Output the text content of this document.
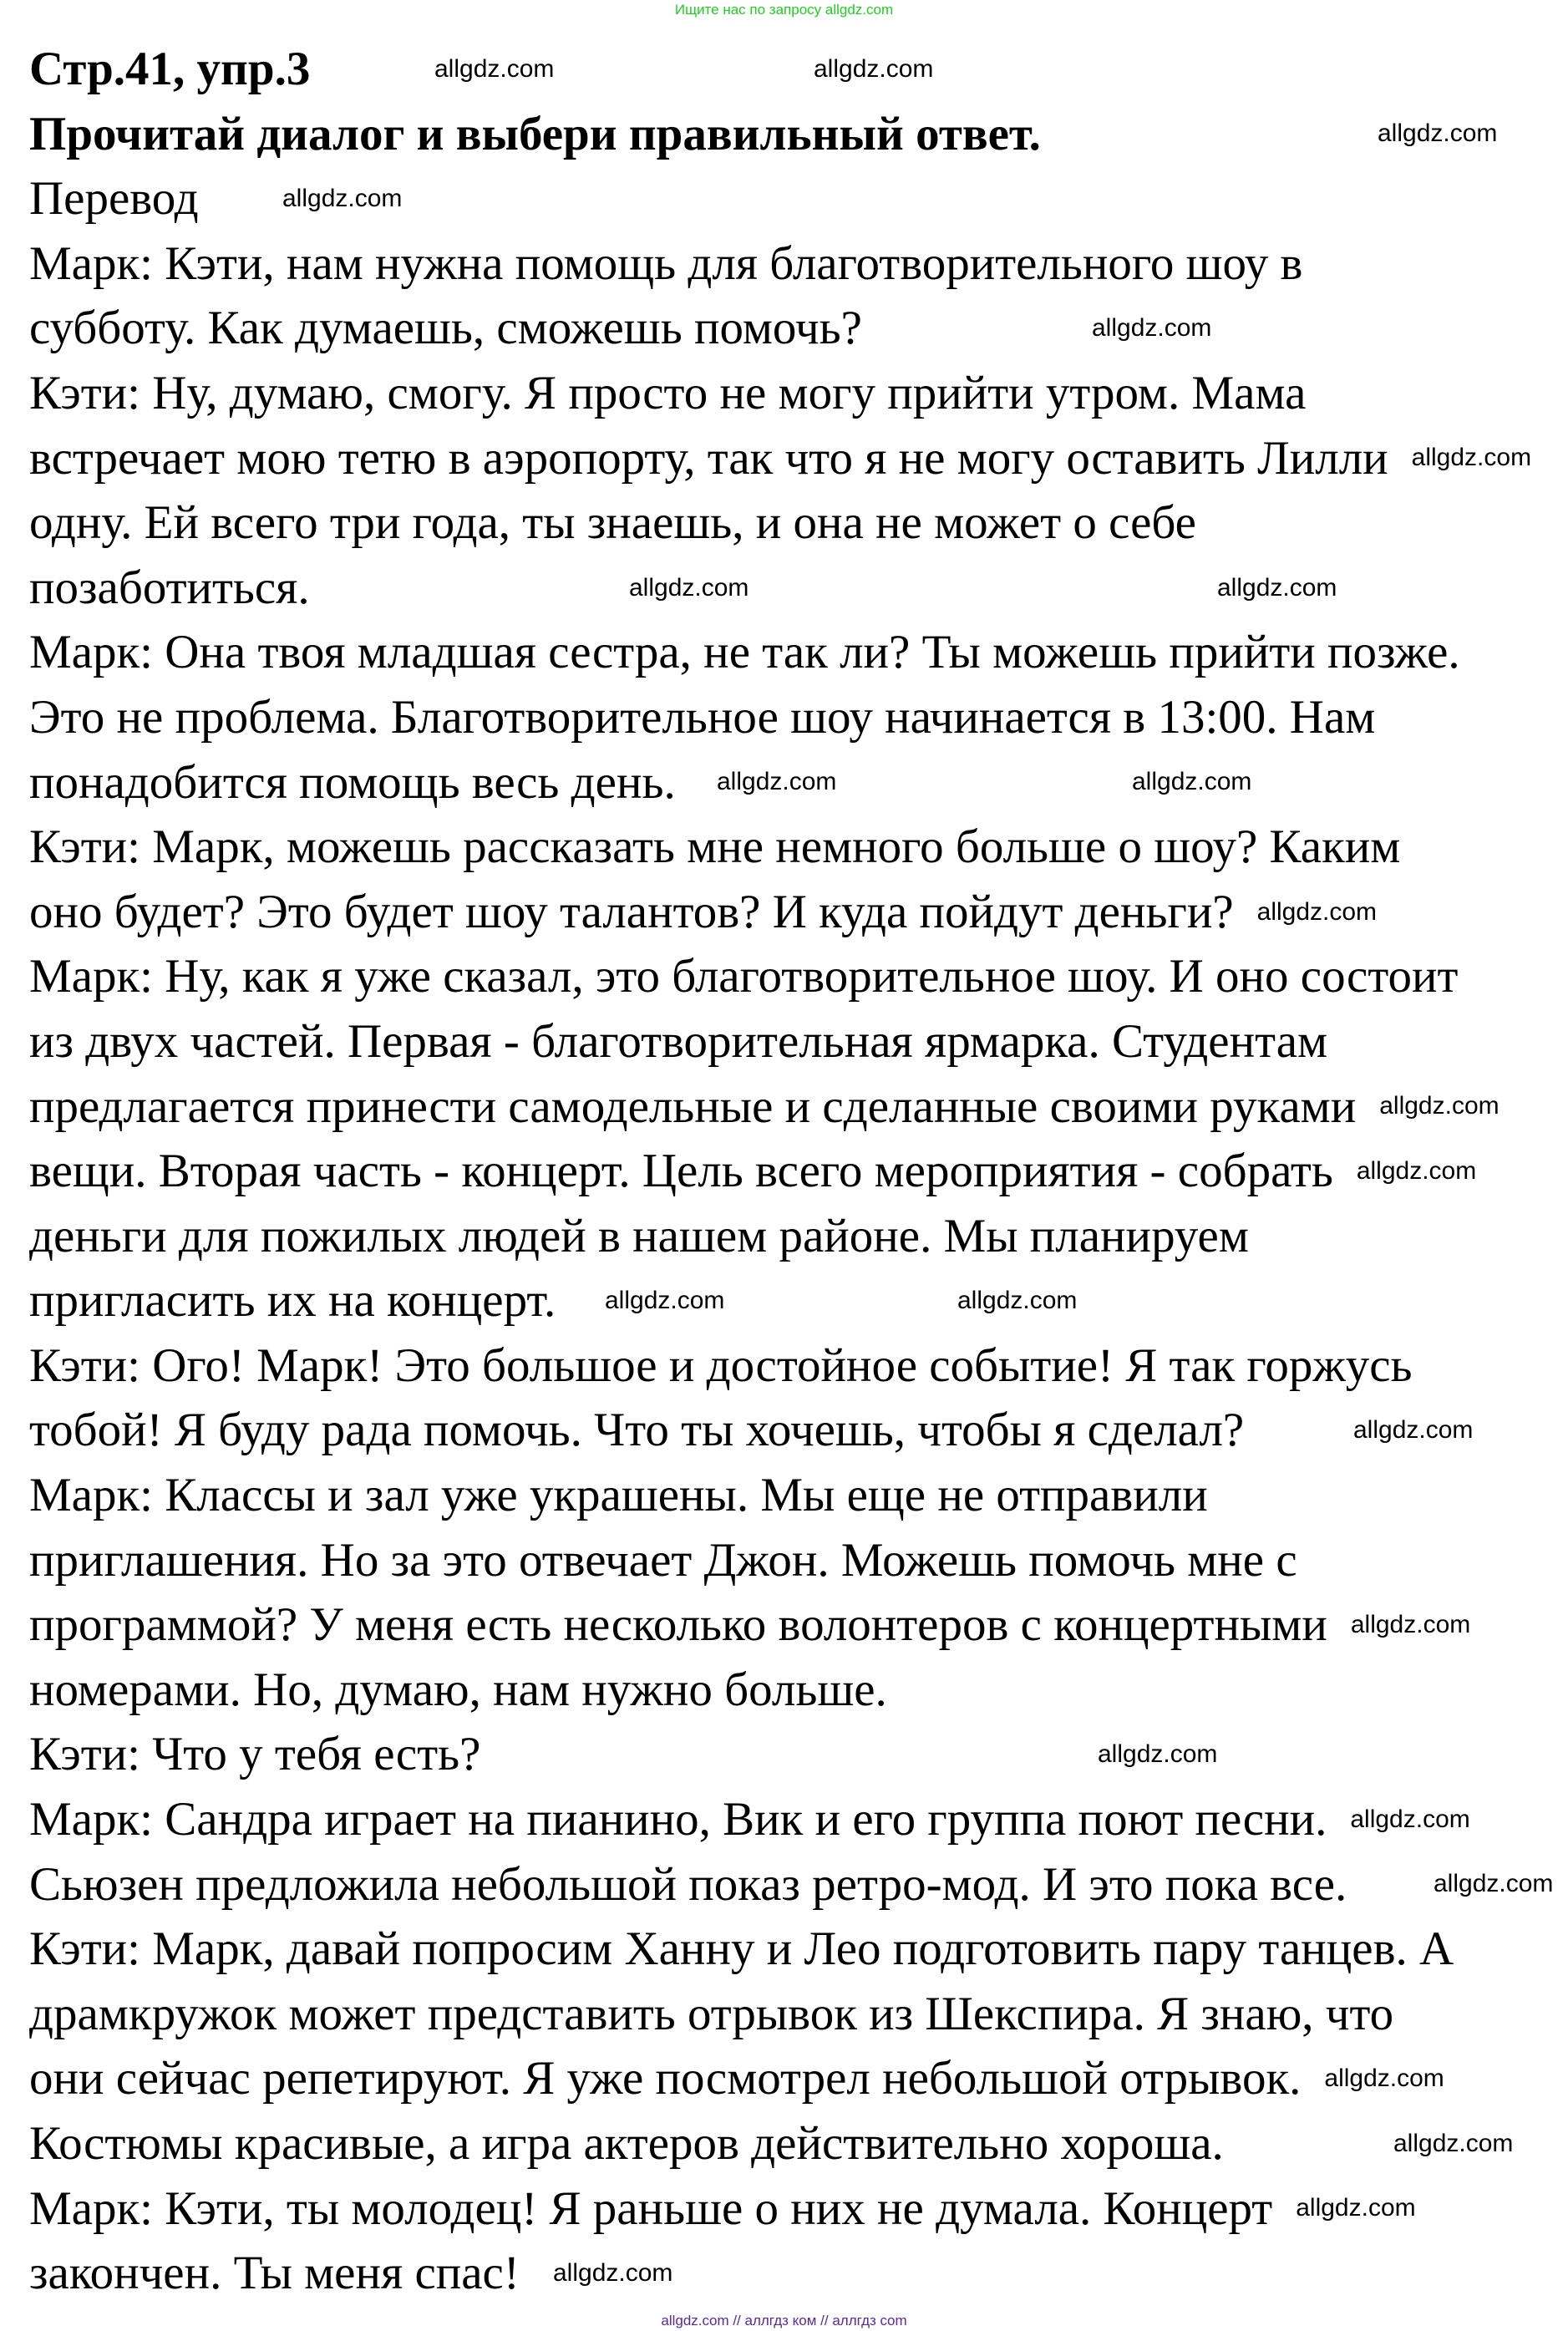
Ищите нас по запросу allgdz.com
Стр.41, упр.3
Прочитай диалог и выбери правильный ответ.
Перевод
Марк: Кэти, нам нужна помощь для благотворительного шоу в
субботу. Как думаешь, сможешь помочь?
Кэти: Ну, думаю, смогу. Я просто не могу прийти утром. Мама
встречает мою тетю в аэропорту, так что я не могу оставить Лилли
одну. Ей всего три года, ты знаешь, и она не может о себе
позаботиться.
Марк: Она твоя младшая сестра, не так ли? Ты можешь прийти позже.
Это не проблема. Благотворительное шоу начинается в 13:00. Нам
понадобится помощь весь день.
Кэти: Марк, можешь рассказать мне немного больше о шоу? Каким
оно будет? Это будет шоу талантов? И куда пойдут деньги?
Марк: Ну, как я уже сказал, это благотворительное шоу. И оно состоит
из двух частей. Первая - благотворительная ярмарка. Студентам
предлагается принести самодельные и сделанные своими руками
вещи. Вторая часть - концерт. Цель всего мероприятия - собрать
деньги для пожилых людей в нашем районе. Мы планируем
пригласить их на концерт.
Кэти: Ого! Марк! Это большое и достойное событие! Я так горжусь
тобой! Я буду рада помочь. Что ты хочешь, чтобы я сделал?
Марк: Классы и зал уже украшены. Мы еще не отправили
приглашения. Но за это отвечает Джон. Можешь помочь мне с
программой? У меня есть несколько волонтеров с концертными
номерами. Но, думаю, нам нужно больше.
Кэти: Что у тебя есть?
Марк: Сандра играет на пианино, Вик и его группа поют песни.
Сьюзен предложила небольшой показ ретро-мод. И это пока все.
Кэти: Марк, давай попросим Ханну и Лео подготовить пару танцев. А
драмкружок может представить отрывок из Шекспира. Я знаю, что
они сейчас репетируют. Я уже посмотрел небольшой отрывок.
Костюмы красивые, а игра актеров действительно хороша.
Марк: Кэти, ты молодец! Я раньше о них не думала. Концерт
закончен. Ты меня спас!
allgdz.com	allgdz.com
allgdz.com
allgdz.com
allgdz.com
allgdz.com
allgdz.com
allgdz.com
allgdz.com
allgdz.com
allgdz.com
allgdz.com
allgdz.com
allgdz.com
allgdz.com
allgdz.com
allgdz.com
allgdz.com
allgdz.com
allgdz.com
allgdz.com
allgdz.com
allgdz.com
allgdz.com
allgdz.com // аллгдз ком // аллгдз com
